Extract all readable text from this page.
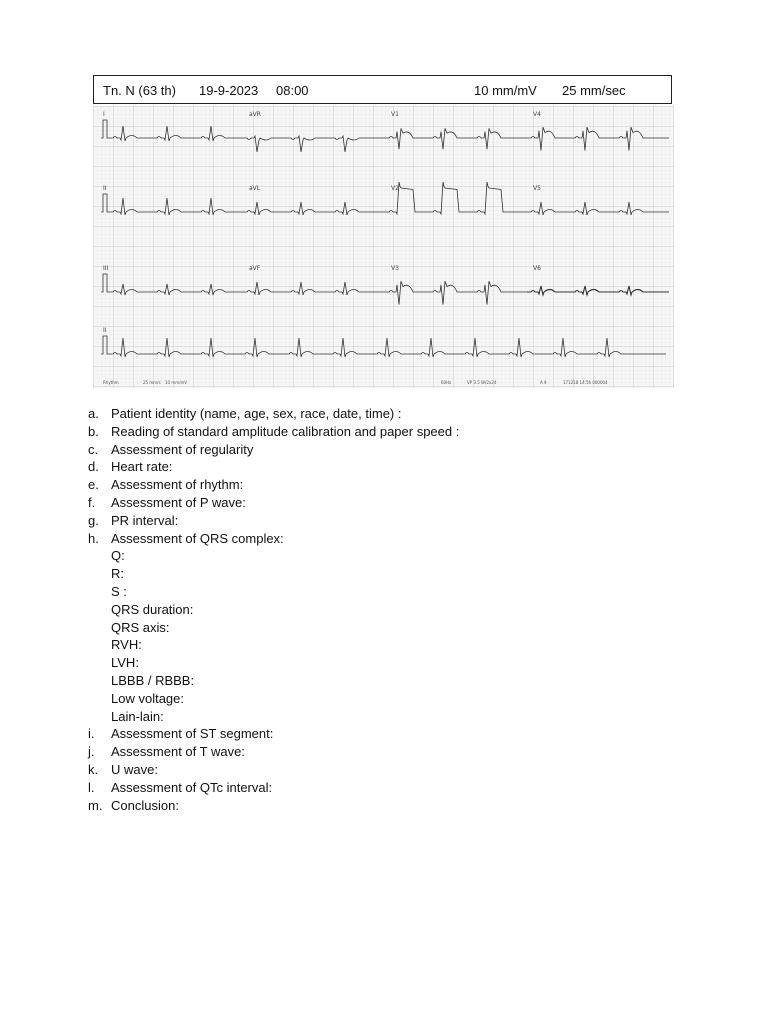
Tn. N (63 th) 19-9-2023 08:00	10 mm/mV 25 mm/sec
I	aVR	V1	V4
II	aVL	V2	V5
III	aVF	V3	V6
II
Rhythm	25 mm/s 10 mm/mV	60Hz	VP 3.5 W/2x24	A 9	171218 14:56 000004
a. Patient identity (name, age, sex, race, date, time) :
b. Reading of standard amplitude calibration and paper speed :
c. Assessment of regularity
d. Heart rate:
e. Assessment of rhythm:
f. Assessment of P wave:
g. PR interval:
h. Assessment of QRS complex:
Q:
R:
S :
QRS duration:
QRS axis:
RVH:
LVH:
LBBB / RBBB:
Low voltage:
Lain-lain:
i. Assessment of ST segment:
j. Assessment of T wave:
k. U wave:
l. Assessment of QTc interval:
m. Conclusion:
